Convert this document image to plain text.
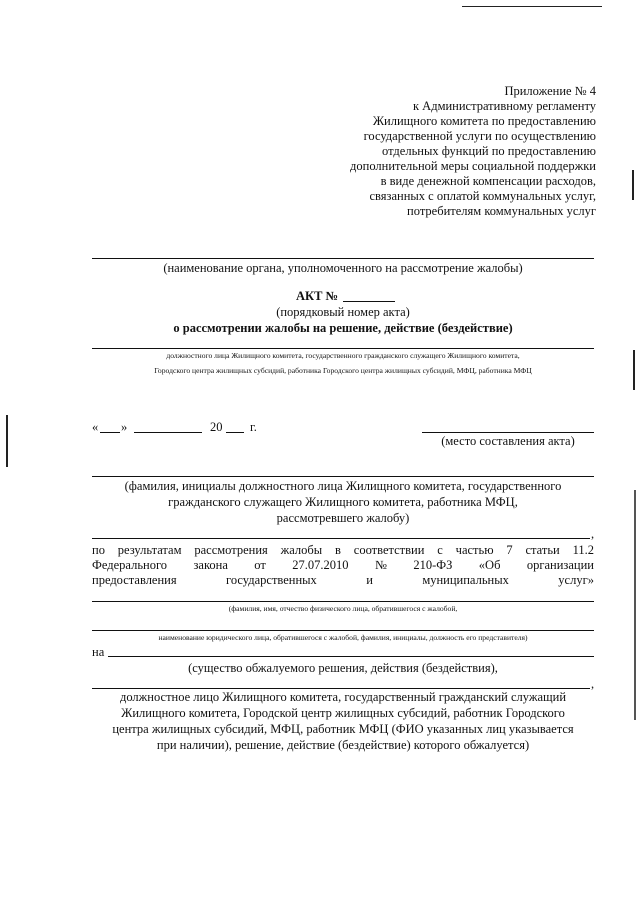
Приложение № 4
к Административному регламенту
Жилищного комитета по предоставлению
государственной услуги по осуществлению
отдельных функций по предоставлению
дополнительной меры социальной поддержки
в виде денежной компенсации расходов,
связанных с оплатой коммунальных услуг,
потребителям коммунальных услуг
(наименование органа, уполномоченного на рассмотрение жалобы)
АКТ №
(порядковый номер акта)
о рассмотрении жалобы на решение, действие (бездействие)
должностного лица Жилищного комитета, государственного гражданского служащего Жилищного комитета,
Городского центра жилищных субсидий, работника Городского центра жилищных субсидий, МФЦ, работника МФЦ
« »	20 г.
(место составления акта)
(фамилия, инициалы должностного лица Жилищного комитета, государственного
гражданского служащего Жилищного комитета, работника МФЦ,
рассмотревшего жалобу)
,
по результатам рассмотрения жалобы в соответствии с частью 7 статьи 11.2
Федерального закона от 27.07.2010 № 210-ФЗ «Об организации
предоставления	государственных	и	муниципальных	услуг»
(фамилия, имя, отчество физического лица, обратившегося с жалобой,
наименование юридического лица, обратившегося с жалобой, фамилия, инициалы, должность его представителя)
на
(существо обжалуемого решения, действия (бездействия),
,
должностное лицо Жилищного комитета, государственный гражданский служащий
Жилищного комитета, Городской центр жилищных субсидий, работник Городского
центра жилищных субсидий, МФЦ, работник МФЦ (ФИО указанных лиц указывается
при наличии), решение, действие (бездействие) которого обжалуется)
